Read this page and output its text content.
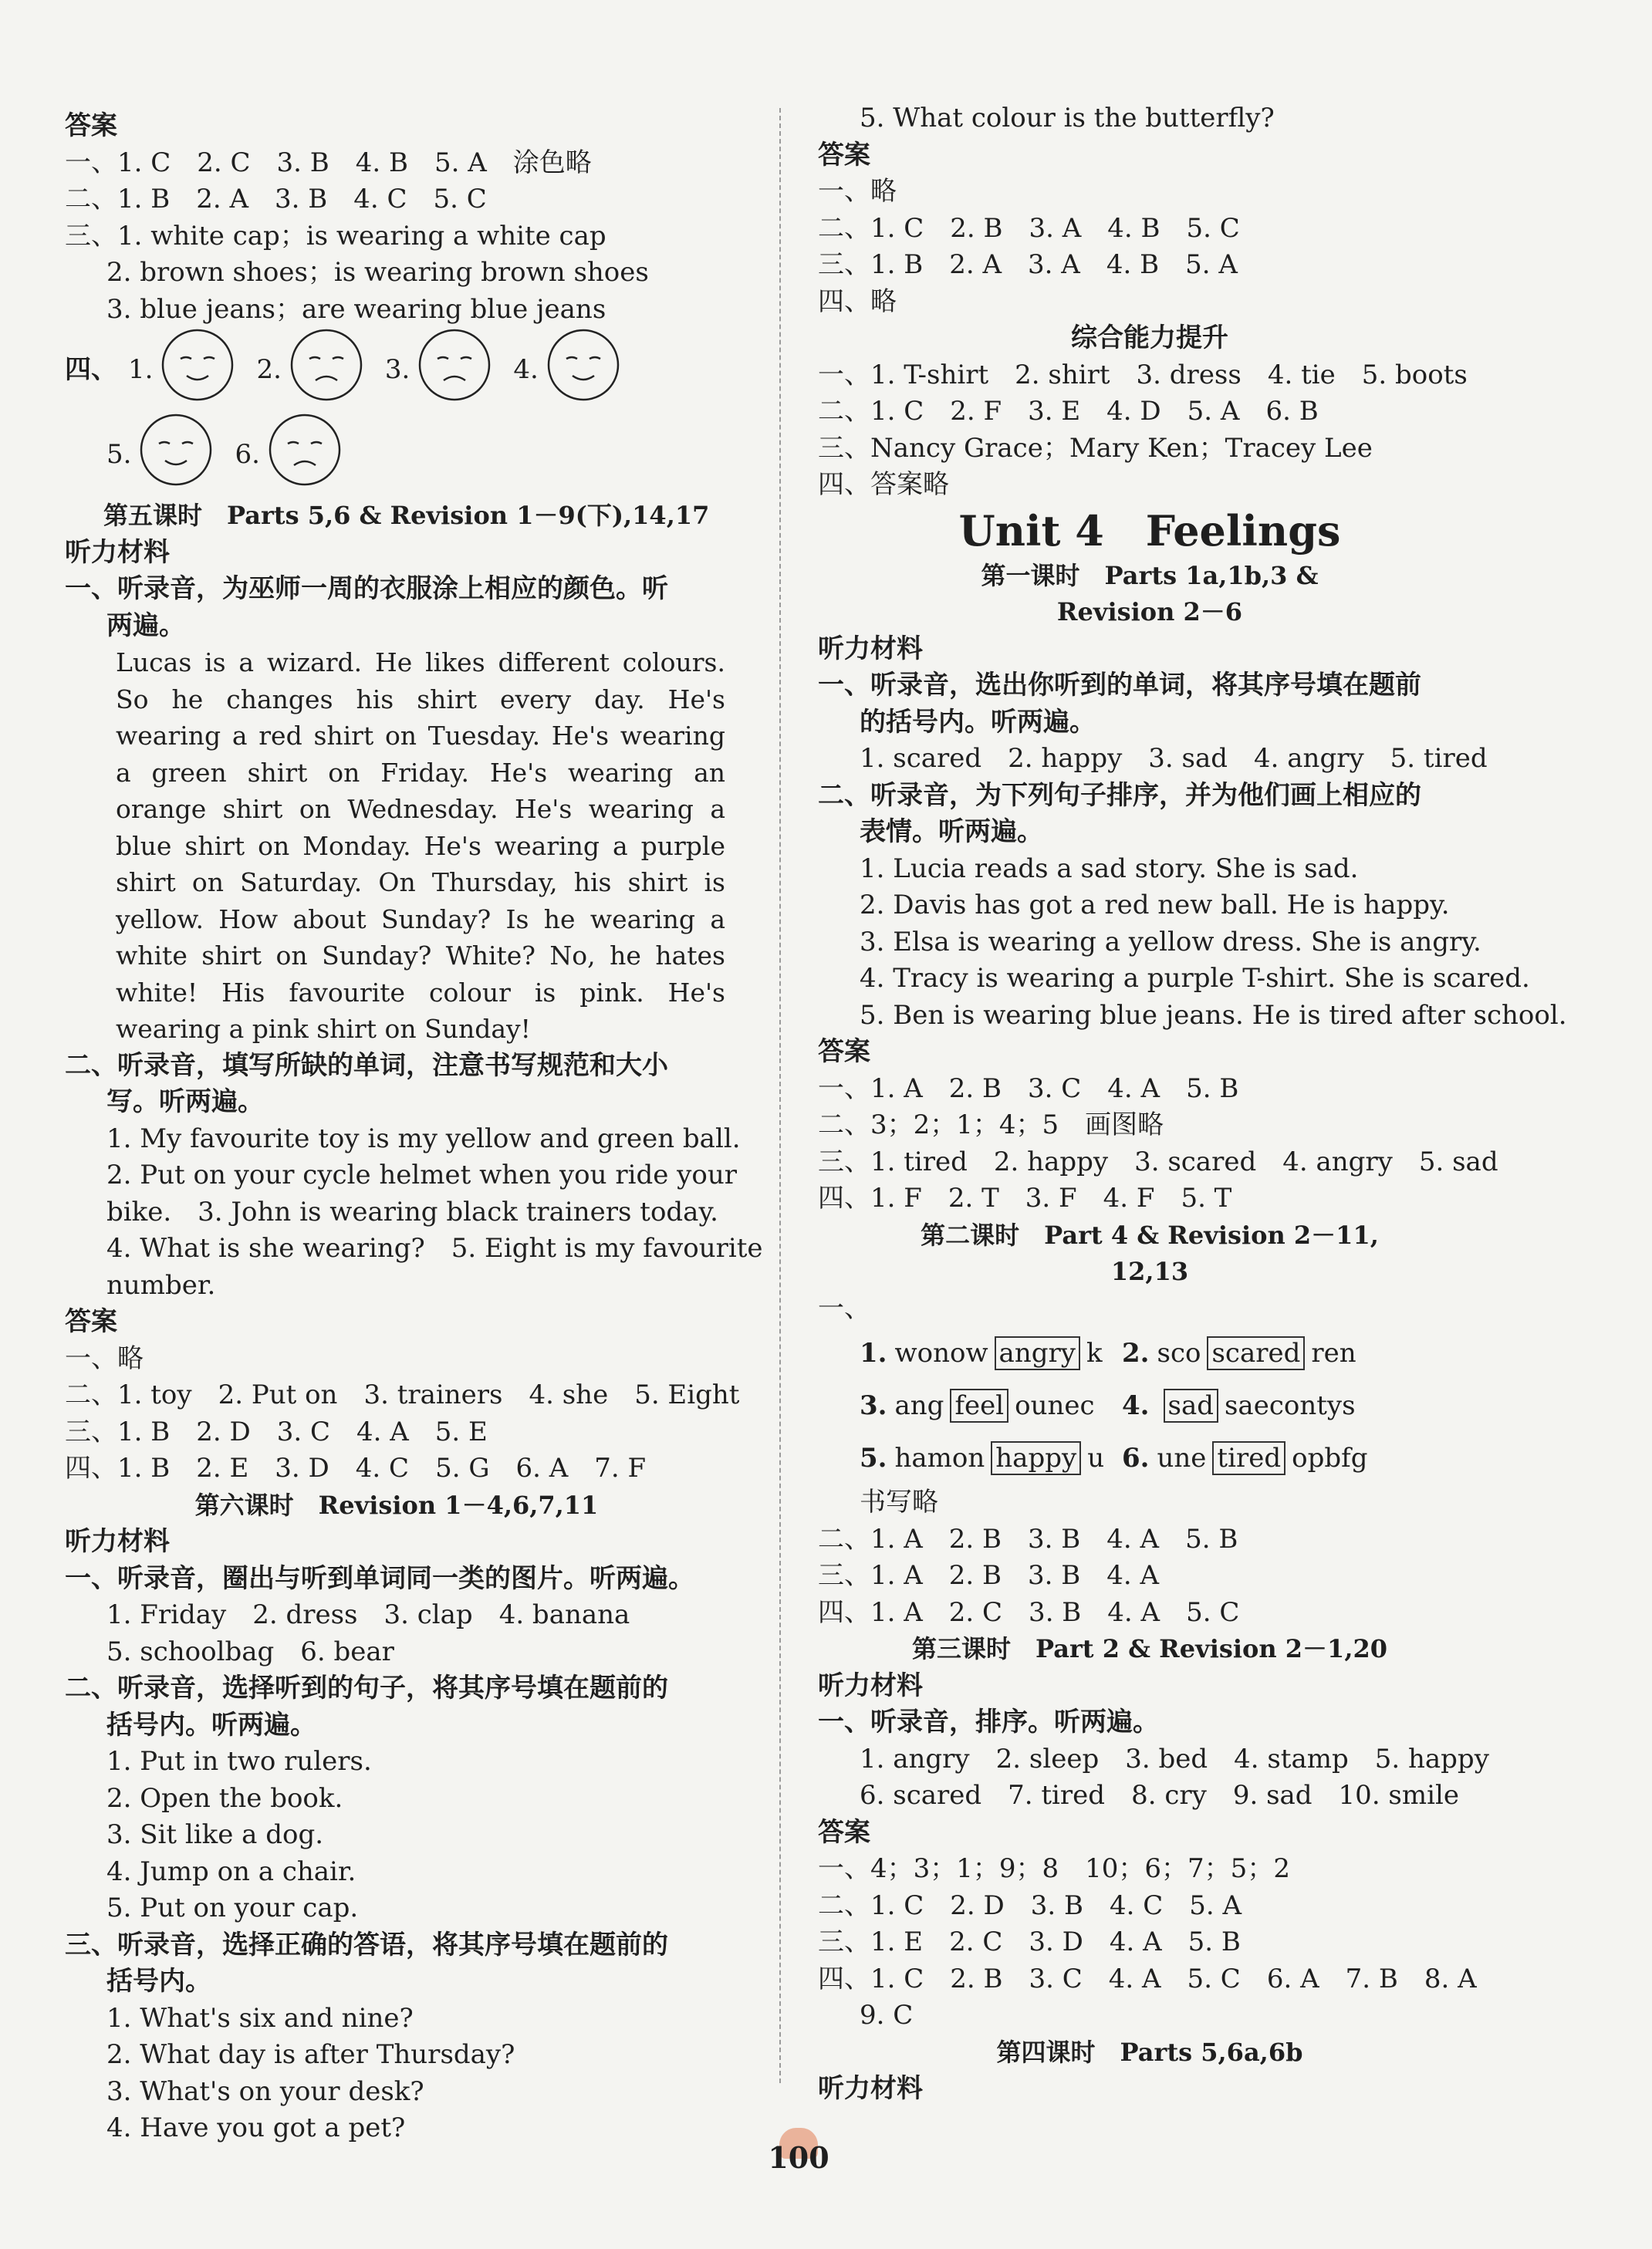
答案
一、1. C　2. C　3. B　4. B　5. A　涂色略
二、1. B　2. A　3. B　4. C　5. C
三、1. white cap；is wearing a white cap
2. brown shoes；is wearing brown shoes
3. blue jeans；are wearing blue jeans
四、 1.	2.	3.	4.
5.	6.
第五课时　Parts 5,6 & Revision 1－9(下),14,17
听力材料
一、听录音，为巫师一周的衣服涂上相应的颜色。听
两遍。
Lucas is a wizard. He likes different colours. So he changes his shirt every day. He's wearing a red shirt on Tuesday. He's wearing a green shirt on Friday. He's wearing an orange shirt on Wednesday. He's wearing a blue shirt on Monday. He's wearing a purple shirt on Saturday. On Thursday, his shirt is yellow. How about Sunday? Is he wearing a white shirt on Sunday? White? No, he hates white! His favourite colour is pink. He's wearing a pink shirt on Sunday!
二、听录音，填写所缺的单词，注意书写规范和大小
写。听两遍。
1. My favourite toy is my yellow and green ball.
2. Put on your cycle helmet when you ride your
bike.　3. John is wearing black trainers today.
4. What is she wearing?　5. Eight is my favourite
number.
答案
一、略
二、1. toy　2. Put on　3. trainers　4. she　5. Eight
三、1. B　2. D　3. C　4. A　5. E
四、1. B　2. E　3. D　4. C　5. G　6. A　7. F
第六课时　Revision 1－4,6,7,11
听力材料
一、听录音，圈出与听到单词同一类的图片。听两遍。
1. Friday　2. dress　3. clap　4. banana
5. schoolbag　6. bear
二、听录音，选择听到的句子，将其序号填在题前的
括号内。听两遍。
1. Put in two rulers.
2. Open the book.
3. Sit like a dog.
4. Jump on a chair.
5. Put on your cap.
三、听录音，选择正确的答语，将其序号填在题前的
括号内。
1. What's six and nine?
2. What day is after Thursday?
3. What's on your desk?
4. Have you got a pet?
5. What colour is the butterfly?
答案
一、略
二、1. C　2. B　3. A　4. B　5. C
三、1. B　2. A　3. A　4. B　5. A
四、略
综合能力提升
一、1. T-shirt　2. shirt　3. dress　4. tie　5. boots
二、1. C　2. F　3. E　4. D　5. A　6. B
三、Nancy Grace；Mary Ken；Tracey Lee
四、答案略
Unit 4　Feelings
第一课时　Parts 1a,1b,3 &
Revision 2－6
听力材料
一、听录音，选出你听到的单词，将其序号填在题前
的括号内。听两遍。
1. scared　2. happy　3. sad　4. angry　5. tired
二、听录音，为下列句子排序，并为他们画上相应的
表情。听两遍。
1. Lucia reads a sad story. She is sad.
2. Davis has got a red new ball. He is happy.
3. Elsa is wearing a yellow dress. She is angry.
4. Tracy is wearing a purple T-shirt. She is scared.
5. Ben is wearing blue jeans. He is tired after school.
答案
一、1. A　2. B　3. C　4. A　5. B
二、3；2；1；4；5　画图略
三、1. tired　2. happy　3. scared　4. angry　5. sad
四、1. F　2. T　3. F　4. F　5. T
第二课时　Part 4 & Revision 2－11,
12,13
一、
1. wonow angry k 2. sco scared ren
3. ang feel ounec 4. sad saecontys
5. hamon happy u 6. une tired opbfg
书写略
二、1. A　2. B　3. B　4. A　5. B
三、1. A　2. B　3. B　4. A
四、1. A　2. C　3. B　4. A　5. C
第三课时　Part 2 & Revision 2－1,20
听力材料
一、听录音，排序。听两遍。
1. angry　2. sleep　3. bed　4. stamp　5. happy
6. scared　7. tired　8. cry　9. sad　10. smile
答案
一、4；3；1；9；8　10；6；7；5；2
二、1. C　2. D　3. B　4. C　5. A
三、1. E　2. C　3. D　4. A　5. B
四、1. C　2. B　3. C　4. A　5. C　6. A　7. B　8. A
9. C
第四课时　Parts 5,6a,6b
听力材料
100
